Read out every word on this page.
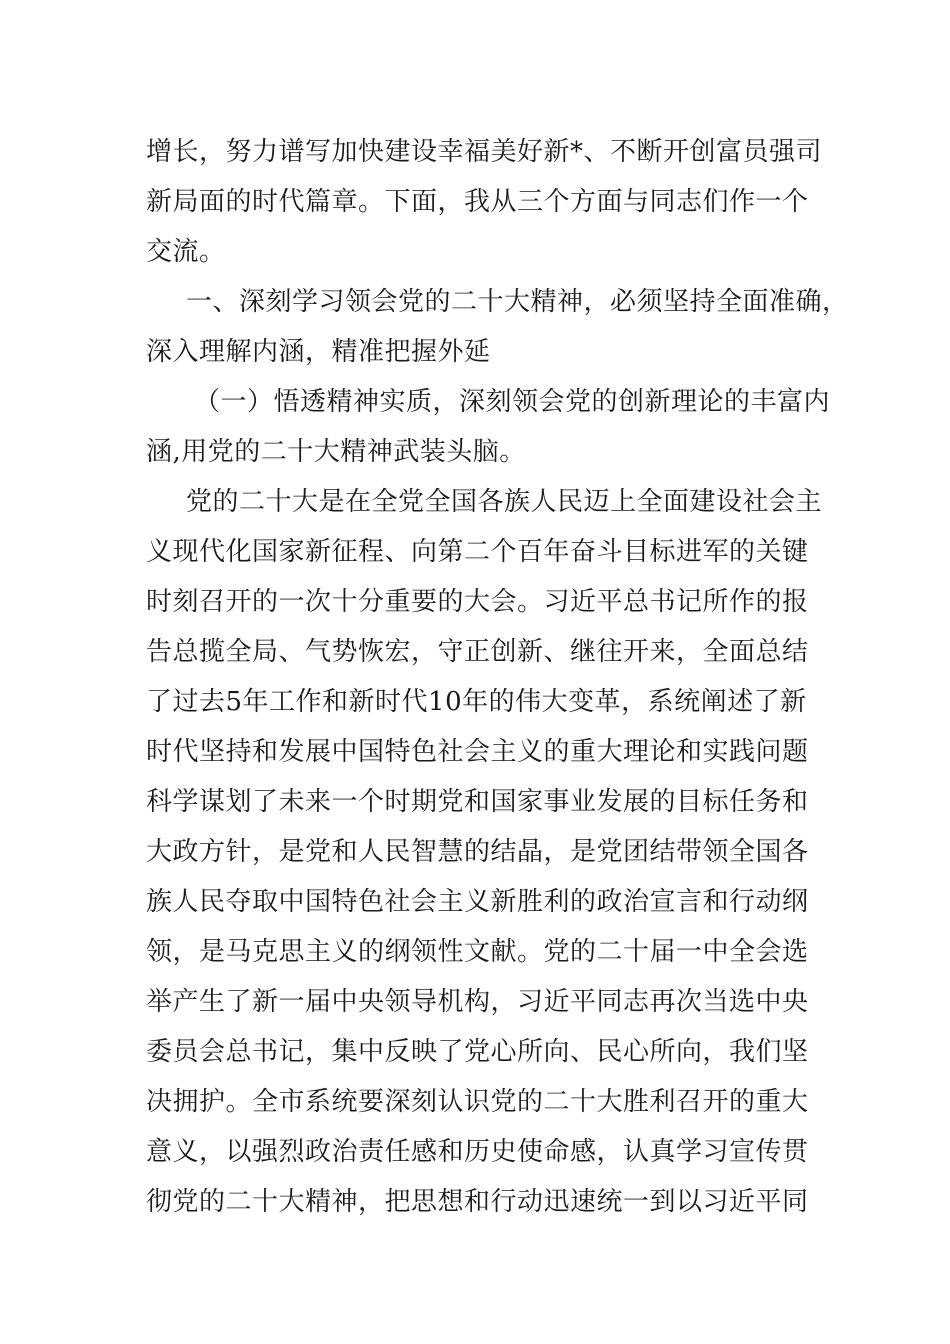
增长，努力谱写加快建设幸福美好新*、不断开创富员强司
新局面的时代篇章。下面，我从三个方面与同志们作一个
交流。
一、深刻学习领会党的二十大精神，必须坚持全面准确，
深入理解内涵，精准把握外延
（一）悟透精神实质，深刻领会党的创新理论的丰富内
涵,用党的二十大精神武装头脑。
党的二十大是在全党全国各族人民迈上全面建设社会主
义现代化国家新征程、向第二个百年奋斗目标进军的关键
时刻召开的一次十分重要的大会。习近平总书记所作的报
告总揽全局、气势恢宏，守正创新、继往开来，全面总结
了过去5年工作和新时代10年的伟大变革，系统阐述了新
时代坚持和发展中国特色社会主义的重大理论和实践问题
科学谋划了未来一个时期党和国家事业发展的目标任务和
大政方针，是党和人民智慧的结晶，是党团结带领全国各
族人民夺取中国特色社会主义新胜利的政治宣言和行动纲
领，是马克思主义的纲领性文献。党的二十届一中全会选
举产生了新一届中央领导机构，习近平同志再次当选中央
委员会总书记，集中反映了党心所向、民心所向，我们坚
决拥护。全市系统要深刻认识党的二十大胜利召开的重大
意义，以强烈政治责任感和历史使命感，认真学习宣传贯
彻党的二十大精神，把思想和行动迅速统一到以习近平同
